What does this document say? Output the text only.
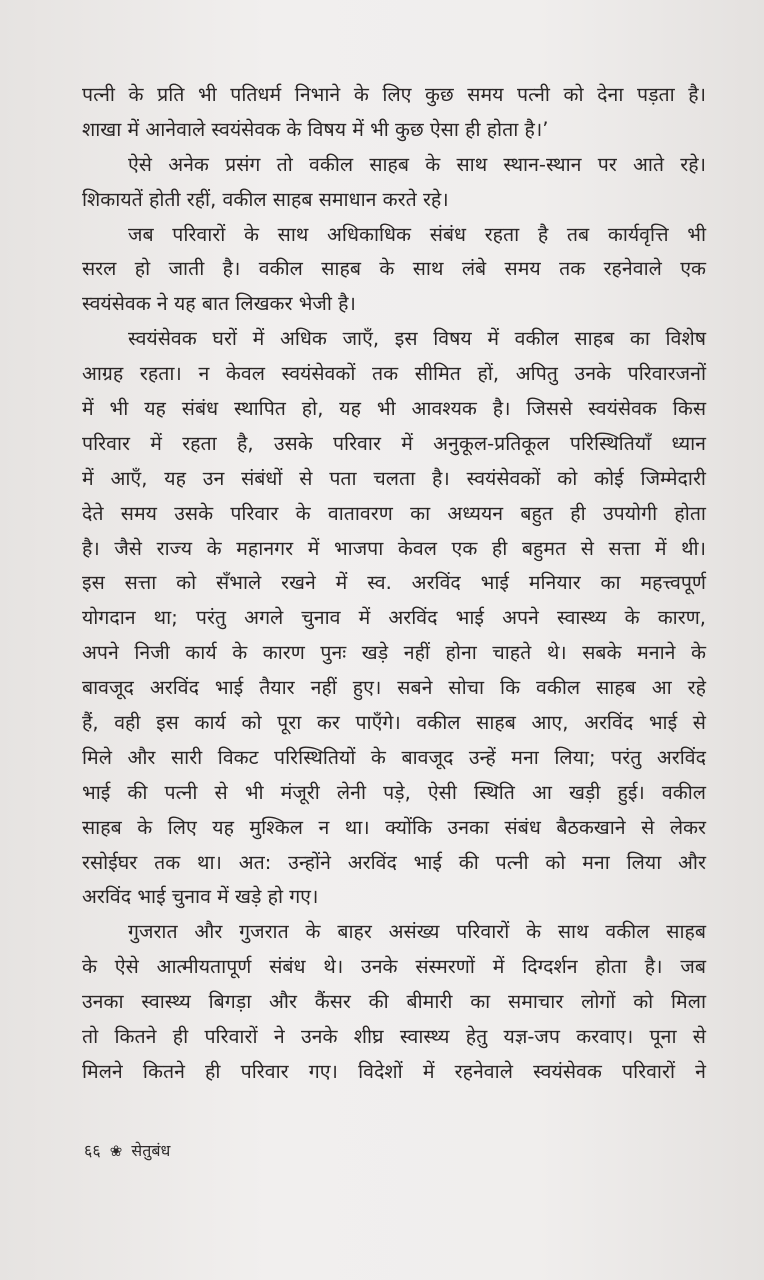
पत्नी के प्रति भी पतिधर्म निभाने के लिए कुछ समय पत्नी को देना पड़ता है।
शाखा में आनेवाले स्वयंसेवक के विषय में भी कुछ ऐसा ही होता है।’
ऐसे अनेक प्रसंग तो वकील साहब के साथ स्थान-स्थान पर आते रहे।
शिकायतें होती रहीं, वकील साहब समाधान करते रहे।
जब परिवारों के साथ अधिकाधिक संबंध रहता है तब कार्यवृत्ति भी
सरल हो जाती है। वकील साहब के साथ लंबे समय तक रहनेवाले एक
स्वयंसेवक ने यह बात लिखकर भेजी है।
स्वयंसेवक घरों में अधिक जाएँ, इस विषय में वकील साहब का विशेष
आग्रह रहता। न केवल स्वयंसेवकों तक सीमित हों, अपितु उनके परिवारजनों
में भी यह संबंध स्थापित हो, यह भी आवश्यक है। जिससे स्वयंसेवक किस
परिवार में रहता है, उसके परिवार में अनुकूल-प्रतिकूल परिस्थितियाँ ध्यान
में आएँ, यह उन संबंधों से पता चलता है। स्वयंसेवकों को कोई जिम्मेदारी
देते समय उसके परिवार के वातावरण का अध्ययन बहुत ही उपयोगी होता
है। जैसे राज्य के महानगर में भाजपा केवल एक ही बहुमत से सत्ता में थी।
इस सत्ता को सँभाले रखने में स्व. अरविंद भाई मनियार का महत्त्वपूर्ण
योगदान था; परंतु अगले चुनाव में अरविंद भाई अपने स्वास्थ्य के कारण,
अपने निजी कार्य के कारण पुनः खड़े नहीं होना चाहते थे। सबके मनाने के
बावजूद अरविंद भाई तैयार नहीं हुए। सबने सोचा कि वकील साहब आ रहे
हैं, वही इस कार्य को पूरा कर पाएँगे। वकील साहब आए, अरविंद भाई से
मिले और सारी विकट परिस्थितियों के बावजूद उन्हें मना लिया; परंतु अरविंद
भाई की पत्नी से भी मंजूरी लेनी पड़े, ऐसी स्थिति आ खड़ी हुई। वकील
साहब के लिए यह मुश्किल न था। क्योंकि उनका संबंध बैठकखाने से लेकर
रसोईघर तक था। अत: उन्होंने अरविंद भाई की पत्नी को मना लिया और
अरविंद भाई चुनाव में खड़े हो गए।
गुजरात और गुजरात के बाहर असंख्य परिवारों के साथ वकील साहब
के ऐसे आत्मीयतापूर्ण संबंध थे। उनके संस्मरणों में दिग्दर्शन होता है। जब
उनका स्वास्थ्य बिगड़ा और कैंसर की बीमारी का समाचार लोगों को मिला
तो कितने ही परिवारों ने उनके शीघ्र स्वास्थ्य हेतु यज्ञ-जप करवाए। पूना से
मिलने कितने ही परिवार गए। विदेशों में रहनेवाले स्वयंसेवक परिवारों ने
६६ ❀ सेतुबंध
